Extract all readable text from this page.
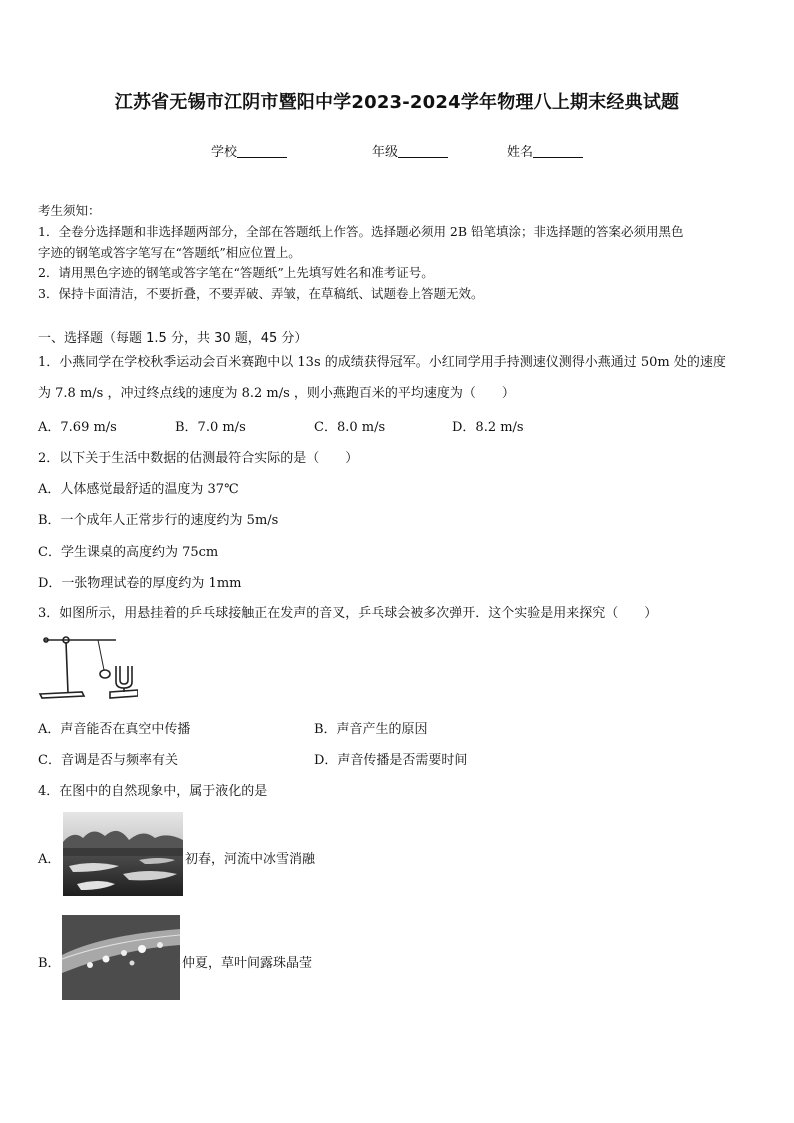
江苏省无锡市江阴市暨阳中学2023-2024学年物理八上期末经典试题
学校	年级	姓名
考生须知：
1．全卷分选择题和非选择题两部分，全部在答题纸上作答。选择题必须用 2B 铅笔填涂；非选择题的答案必须用黑色
字迹的钢笔或答字笔写在“答题纸”相应位置上。
2．请用黑色字迹的钢笔或答字笔在“答题纸”上先填写姓名和准考证号。
3．保持卡面清洁，不要折叠，不要弄破、弄皱，在草稿纸、试题卷上答题无效。
一、选择题（每题 1.5 分，共 30 题，45 分）
1．小燕同学在学校秋季运动会百米赛跑中以 13s 的成绩获得冠军。小红同学用手持测速仪测得小燕通过 50m 处的速度
为 7.8 m/s ，冲过终点线的速度为 8.2 m/s ，则小燕跑百米的平均速度为（　　）
A．7.69 m/s	B．7.0 m/s	C．8.0 m/s	D．8.2 m/s
2．以下关于生活中数据的估测最符合实际的是（　　）
A．人体感觉最舒适的温度为 37℃
B．一个成年人正常步行的速度约为 5m/s
C．学生课桌的高度约为 75cm
D．一张物理试卷的厚度约为 1mm
3．如图所示，用悬挂着的乒乓球接触正在发声的音叉，乒乓球会被多次弹开．这个实验是用来探究（　　）
A．声音能否在真空中传播	B．声音产生的原因
C．音调是否与频率有关	D．声音传播是否需要时间
4．在图中的自然现象中，属于液化的是
A．	初春，河流中冰雪消融
B．	仲夏，草叶间露珠晶莹
